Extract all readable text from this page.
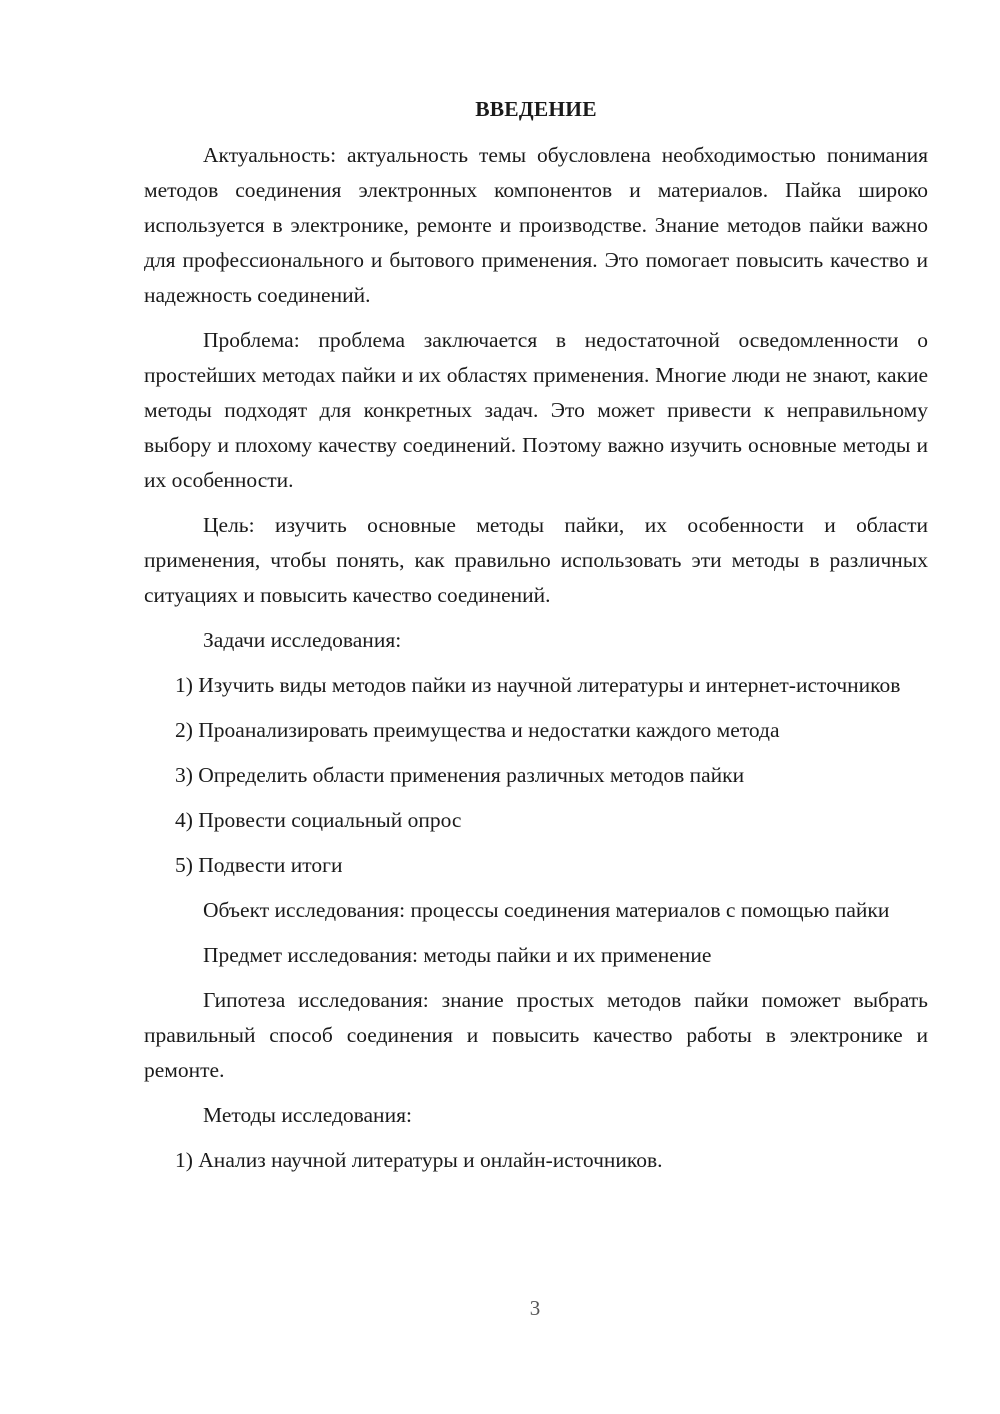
ВВЕДЕНИЕ

Актуальность: актуальность темы обусловлена необходимостью понимания методов соединения электронных компонентов и материалов. Пайка широко используется в электронике, ремонте и производстве. Знание методов пайки важно для профессионального и бытового применения. Это помогает повысить качество и надежность соединений.

Проблема: проблема заключается в недостаточной осведомленности о простейших методах пайки и их областях применения. Многие люди не знают, какие методы подходят для конкретных задач. Это может привести к неправильному выбору и плохому качеству соединений. Поэтому важно изучить основные методы и их особенности.

Цель: изучить основные методы пайки, их особенности и области применения, чтобы понять, как правильно использовать эти методы в различных ситуациях и повысить качество соединений.

Задачи исследования:

1) Изучить виды методов пайки из научной литературы и интернет-источников
2) Проанализировать преимущества и недостатки каждого метода
3) Определить области применения различных методов пайки
4) Провести социальный опрос
5) Подвести итоги

Объект исследования: процессы соединения материалов с помощью пайки

Предмет исследования: методы пайки и их применение

Гипотеза исследования: знание простых методов пайки поможет выбрать правильный способ соединения и повысить качество работы в электронике и ремонте.

Методы исследования:

1) Анализ научной литературы и онлайн-источников.
3
